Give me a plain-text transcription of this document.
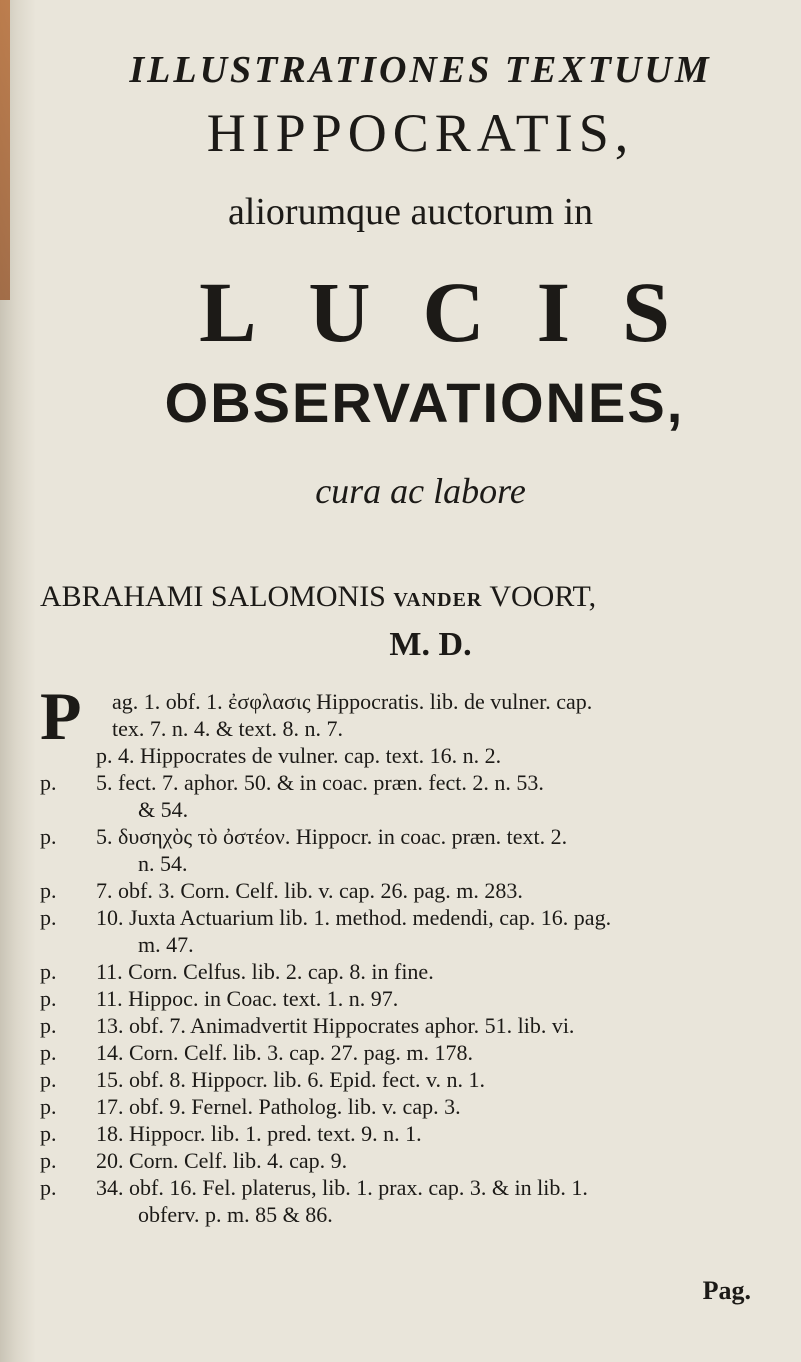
ILLUSTRATIONES TEXTUUM
HIPPOCRATIS,
aliorumque auctorum in
LUCIS
OBSERVATIONES,
cura ac labore
ABRAHAMI SALOMONIS VANDER VOORT,
M. D.
P ag. 1. obf. 1. ἐσφλασις Hippocratis. lib. de vulner. cap.
tex. 7. n. 4. & text. 8. n. 7.
p. 4. Hippocrates de vulner. cap. text. 16. n. 2.
p. 5. fect. 7. aphor. 50. & in coac. præn. fect. 2. n. 53.
& 54.
p. 5. δυσηχὸς τὸ ὀστέον. Hippocr. in coac. præn. text. 2.
n. 54.
p. 7. obf. 3. Corn. Celf. lib. v. cap. 26. pag. m. 283.
p. 10. Juxta Actuarium lib. 1. method. medendi, cap. 16. pag.
m. 47.
p. 11. Corn. Celfus. lib. 2. cap. 8. in fine.
p. 11. Hippoc. in Coac. text. 1. n. 97.
p. 13. obf. 7. Animadvertit Hippocrates aphor. 51. lib. vi.
p. 14. Corn. Celf. lib. 3. cap. 27. pag. m. 178.
p. 15. obf. 8. Hippocr. lib. 6. Epid. fect. v. n. 1.
p. 17. obf. 9. Fernel. Patholog. lib. v. cap. 3.
p. 18. Hippocr. lib. 1. pred. text. 9. n. 1.
p. 20. Corn. Celf. lib. 4. cap. 9.
p. 34. obf. 16. Fel. platerus, lib. 1. prax. cap. 3. & in lib. 1.
obferv. p. m. 85 & 86.
Pag.
